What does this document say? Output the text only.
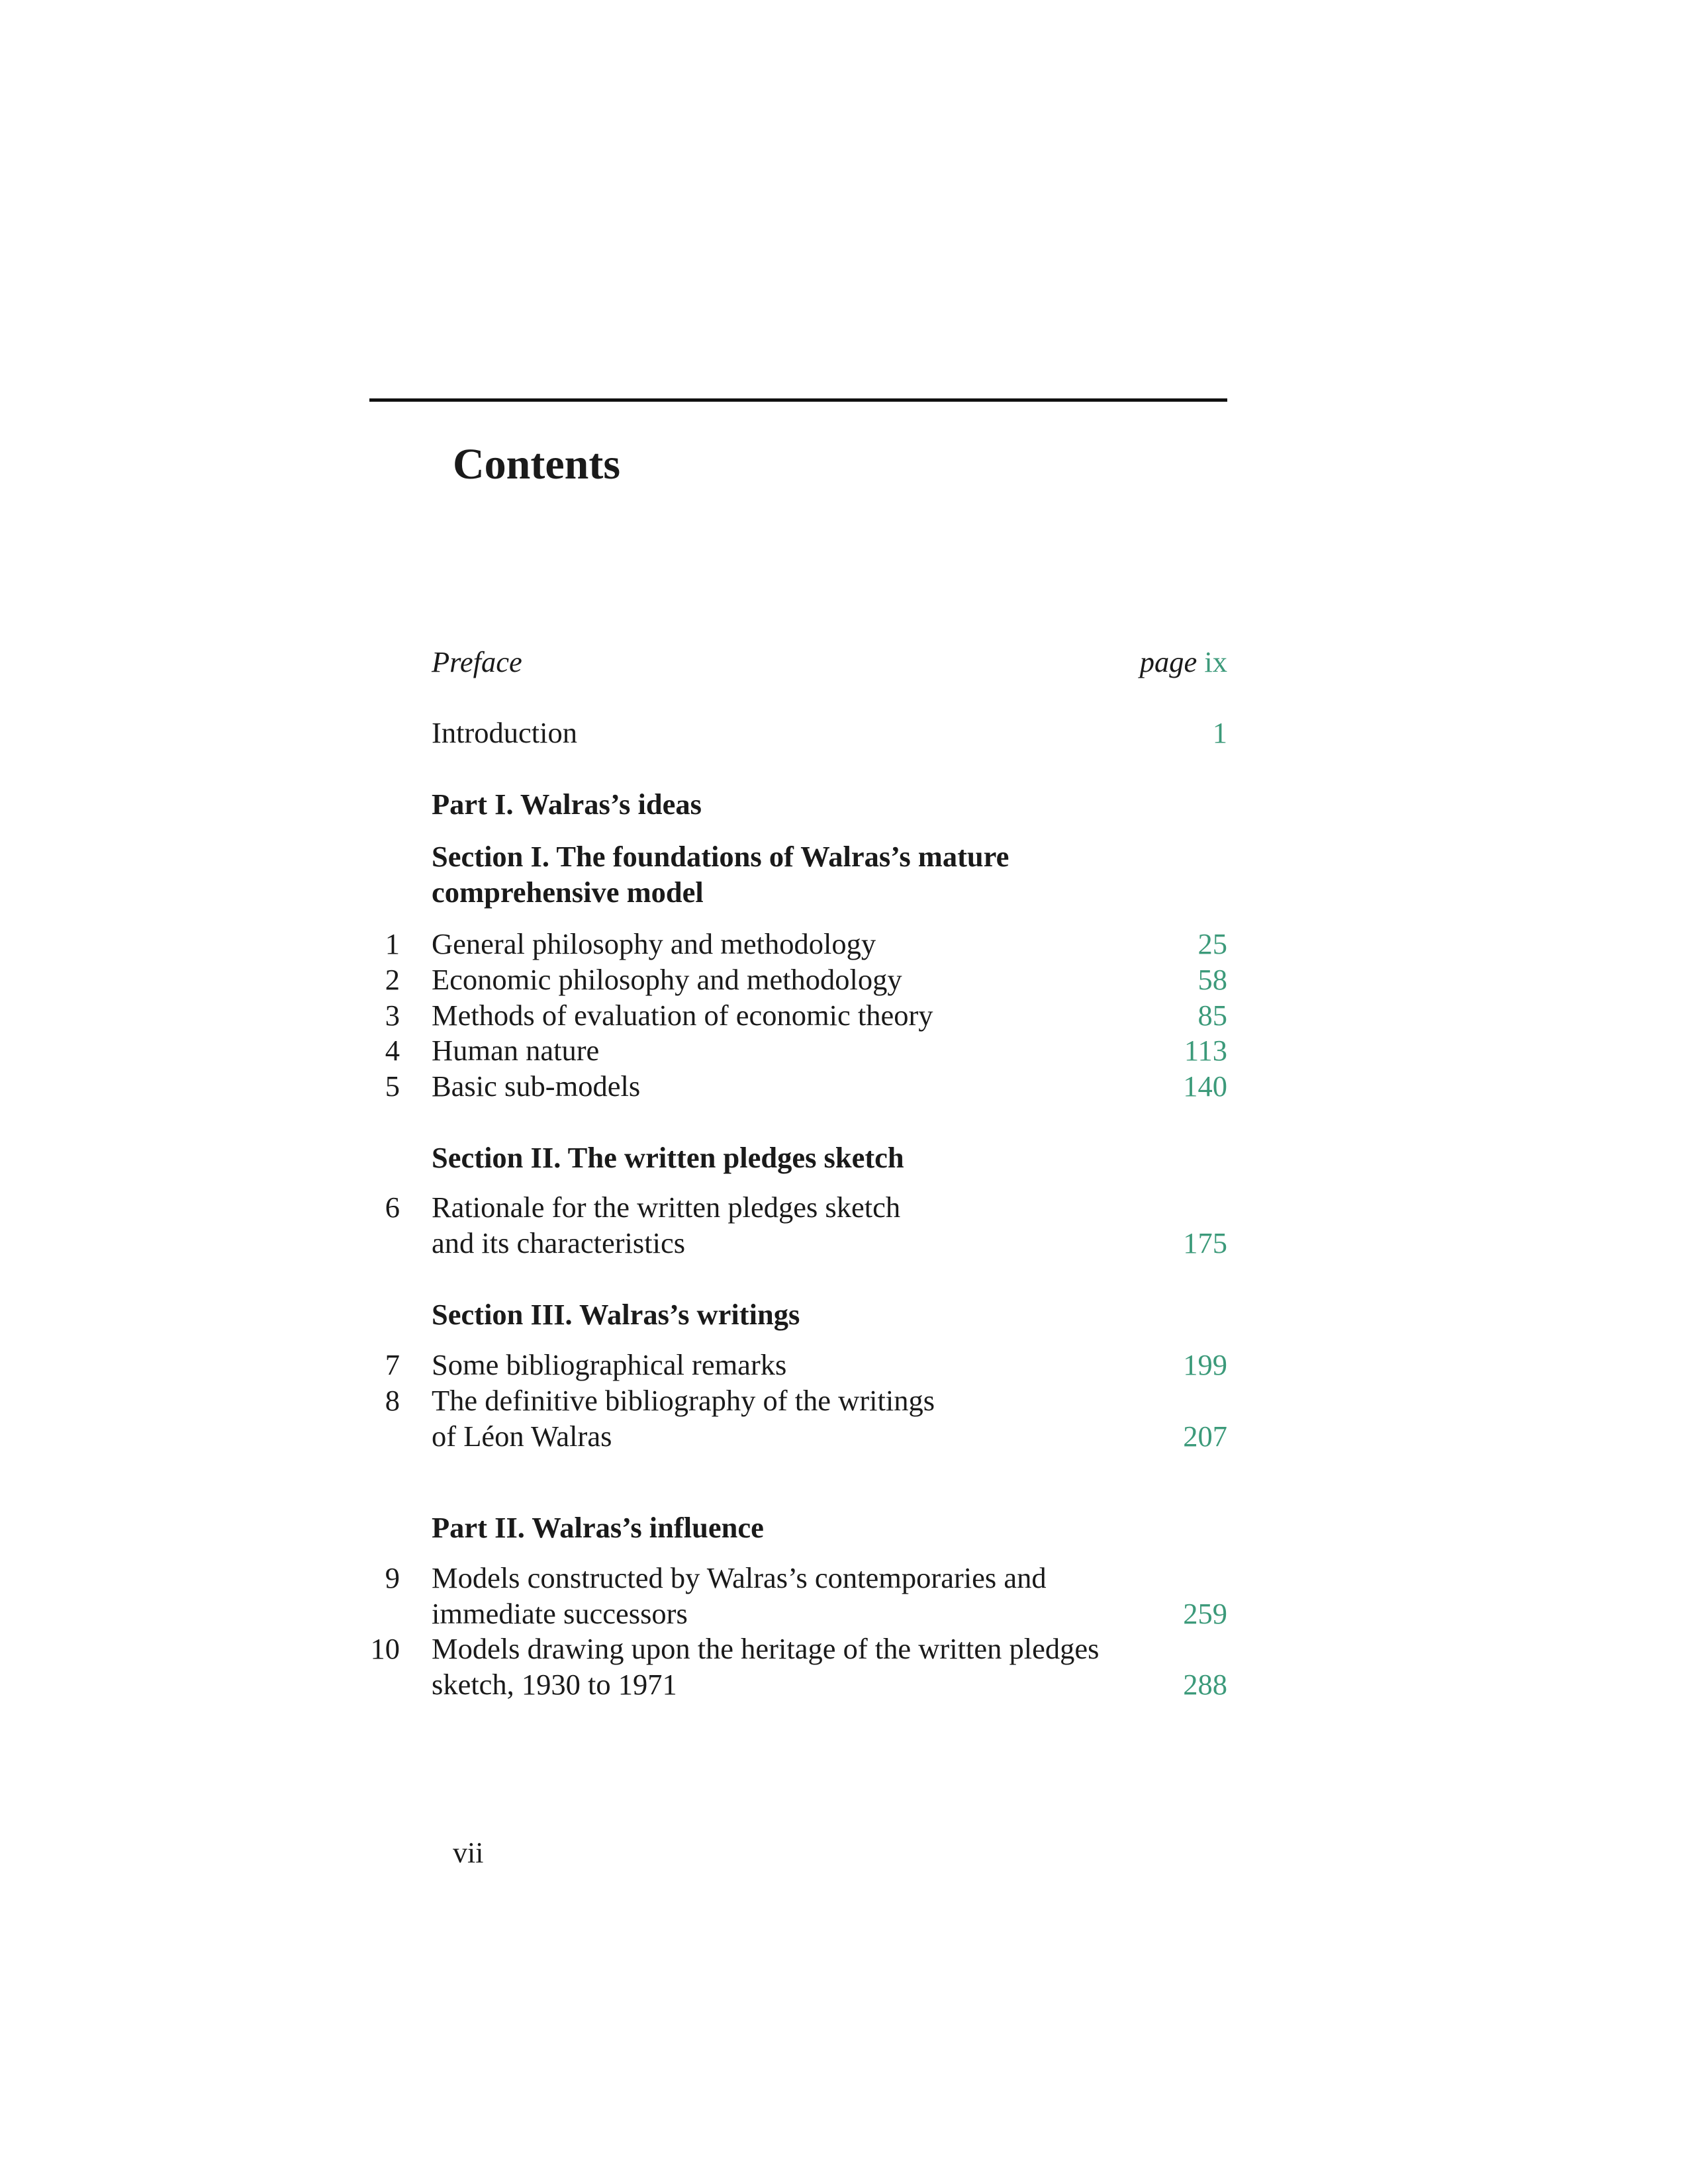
Contents
Preface	page ix
Introduction	1
Part I. Walras’s ideas
Section I. The foundations of Walras’s mature
comprehensive model
1 General philosophy and methodology	25
2 Economic philosophy and methodology	58
3 Methods of evaluation of economic theory	85
4 Human nature	113
5 Basic sub-models	140
Section II. The written pledges sketch
6 Rationale for the written pledges sketch
and its characteristics	175
Section III. Walras’s writings
7 Some bibliographical remarks	199
8 The definitive bibliography of the writings
of Léon Walras	207
Part II. Walras’s influence
9 Models constructed by Walras’s contemporaries and
immediate successors	259
10 Models drawing upon the heritage of the written pledges
sketch, 1930 to 1971	288
vii
